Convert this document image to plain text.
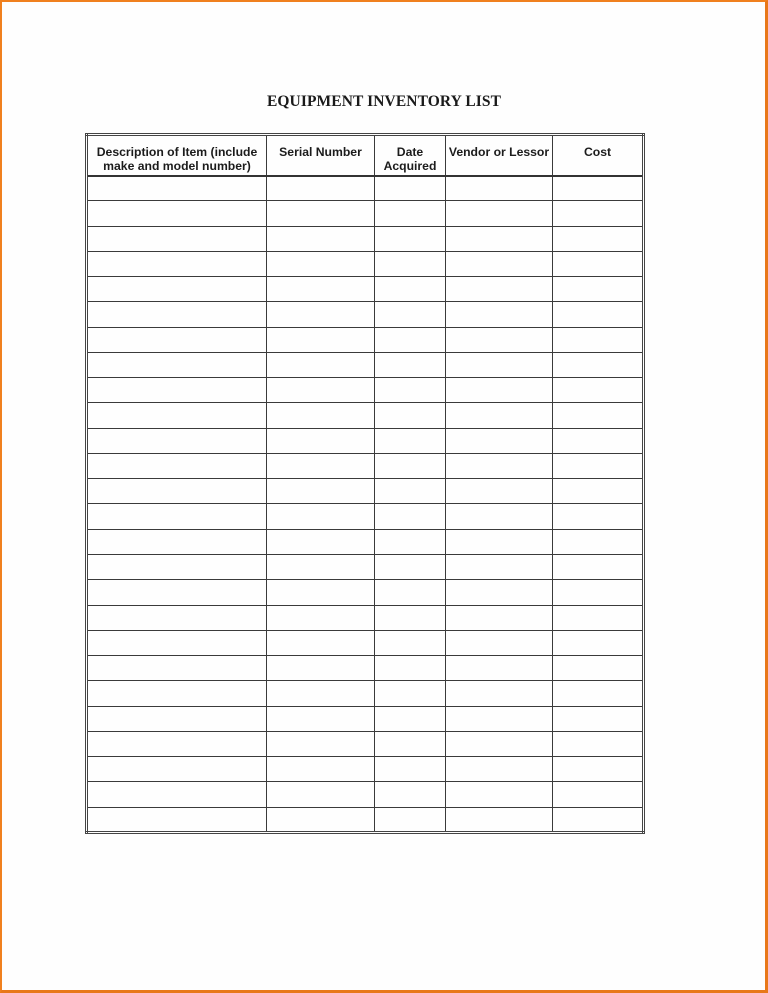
EQUIPMENT INVENTORY LIST
Description of Item (include make and model number)	Serial Number	Date Acquired	Vendor or Lessor	Cost
